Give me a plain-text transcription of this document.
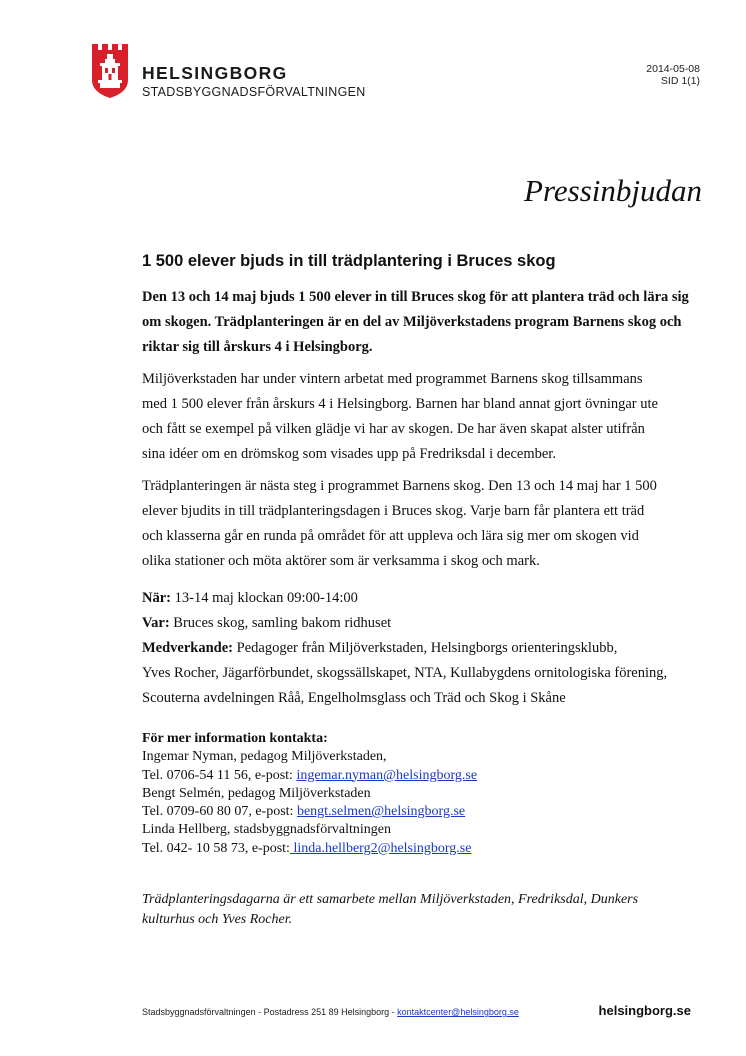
HELSINGBORG
STADSBYGGNADSFÖRVALTNINGEN
2014-05-08
SID 1(1)
Pressinbjudan
1 500 elever bjuds in till trädplantering i Bruces skog
Den 13 och 14 maj bjuds 1 500 elever in till Bruces skog för att plantera träd och lära sig
om skogen. Trädplanteringen är en del av Miljöverkstadens program Barnens skog och
riktar sig till årskurs 4 i Helsingborg.
Miljöverkstaden har under vintern arbetat med programmet Barnens skog tillsammans
med 1 500 elever från årskurs 4 i Helsingborg. Barnen har bland annat gjort övningar ute
och fått se exempel på vilken glädje vi har av skogen. De har även skapat alster utifrån
sina idéer om en drömskog som visades upp på Fredriksdal i december.
Trädplanteringen är nästa steg i programmet Barnens skog. Den 13 och 14 maj har 1 500
elever bjudits in till trädplanteringsdagen i Bruces skog. Varje barn får plantera ett träd
och klasserna går en runda på området för att uppleva och lära sig mer om skogen vid
olika stationer och möta aktörer som är verksamma i skog och mark.
När: 13-14 maj klockan 09:00-14:00
Var: Bruces skog, samling bakom ridhuset
Medverkande: Pedagoger från Miljöverkstaden, Helsingborgs orienteringsklubb,
Yves Rocher, Jägarförbundet, skogssällskapet, NTA, Kullabygdens ornitologiska förening,
Scouterna avdelningen Råå, Engelholmsglass och Träd och Skog i Skåne
För mer information kontakta:
Ingemar Nyman, pedagog Miljöverkstaden,
Tel. 0706-54 11 56, e-post: ingemar.nyman@helsingborg.se
Bengt Selmén, pedagog Miljöverkstaden
Tel. 0709-60 80 07, e-post: bengt.selmen@helsingborg.se
Linda Hellberg, stadsbyggnadsförvaltningen
Tel. 042- 10 58 73, e-post: linda.hellberg2@helsingborg.se
Trädplanteringsdagarna är ett samarbete mellan Miljöverkstaden, Fredriksdal, Dunkers
kulturhus och Yves Rocher.
Stadsbyggnadsförvaltningen - Postadress 251 89 Helsingborg - kontaktcenter@helsingborg.se	helsingborg.se
